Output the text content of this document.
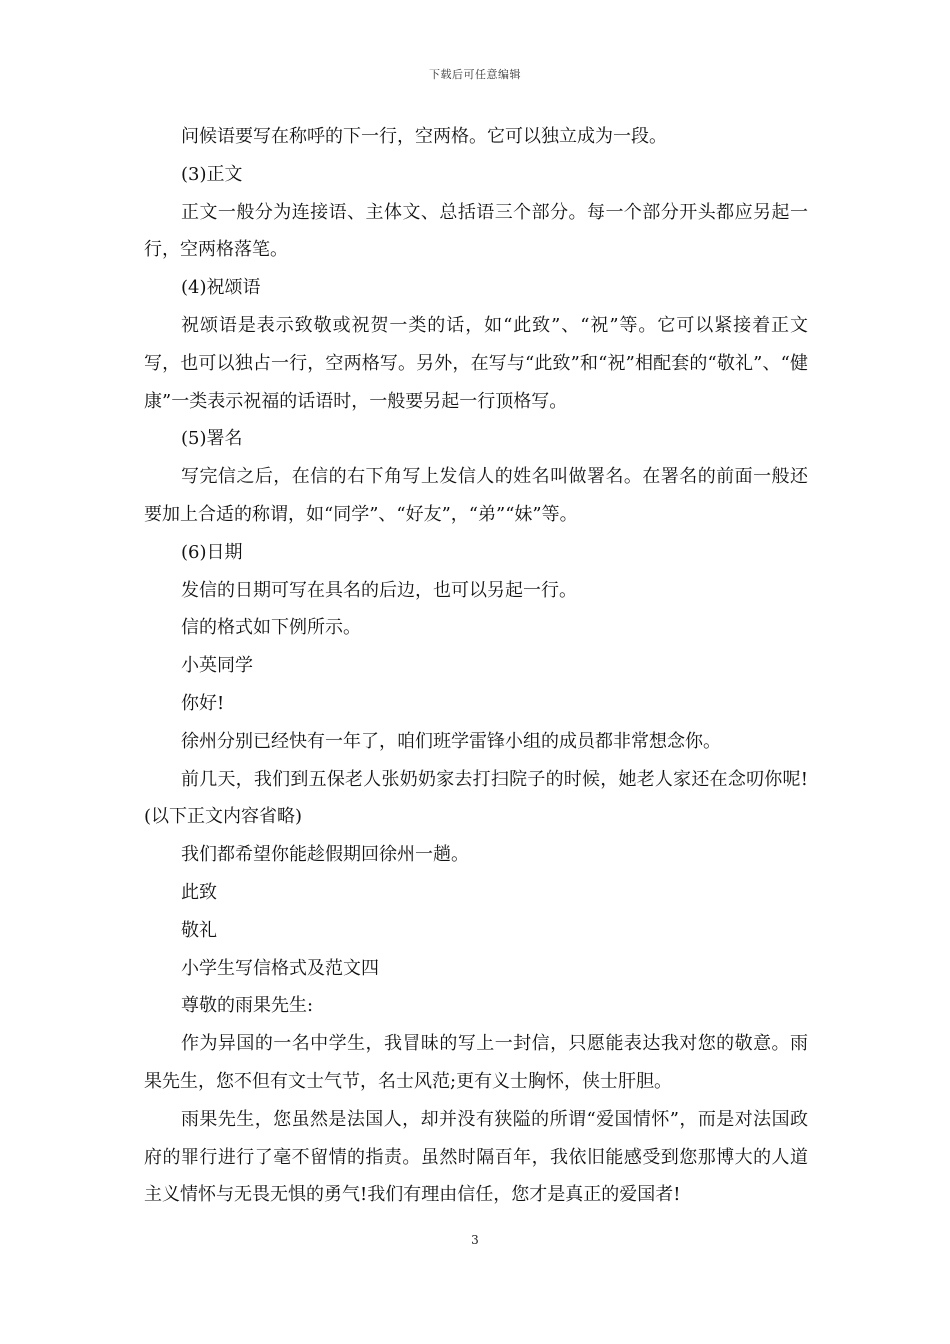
下载后可任意编辑

问候语要写在称呼的下一行，空两格。它可以独立成为一段。

(3)正文

正文一般分为连接语、主体文、总括语三个部分。每一个部分开头都应另起一行，空两格落笔。

(4)祝颂语

祝颂语是表示致敬或祝贺一类的话，如“此致”、“祝”等。它可以紧接着正文写，也可以独占一行，空两格写。另外，在写与“此致”和“祝”相配套的“敬礼”、“健康”一类表示祝福的话语时，一般要另起一行顶格写。

(5)署名

写完信之后，在信的右下角写上发信人的姓名叫做署名。在署名的前面一般还要加上合适的称谓，如“同学”、“好友”，“弟”“妹”等。

(6)日期

发信的日期可写在具名的后边，也可以另起一行。

信的格式如下例所示。

小英同学

你好!

徐州分别已经快有一年了，咱们班学雷锋小组的成员都非常想念你。

前几天，我们到五保老人张奶奶家去打扫院子的时候，她老人家还在念叨你呢!(以下正文内容省略)

我们都希望你能趁假期回徐州一趟。

此致

敬礼

小学生写信格式及范文四

尊敬的雨果先生:

作为异国的一名中学生，我冒昧的写上一封信，只愿能表达我对您的敬意。雨果先生，您不但有文士气节，名士风范;更有义士胸怀，侠士肝胆。

雨果先生，您虽然是法国人，却并没有狭隘的所谓“爱国情怀”，而是对法国政府的罪行进行了毫不留情的指责。虽然时隔百年，我依旧能感受到您那博大的人道主义情怀与无畏无惧的勇气!我们有理由信任，您才是真正的爱国者!

3
